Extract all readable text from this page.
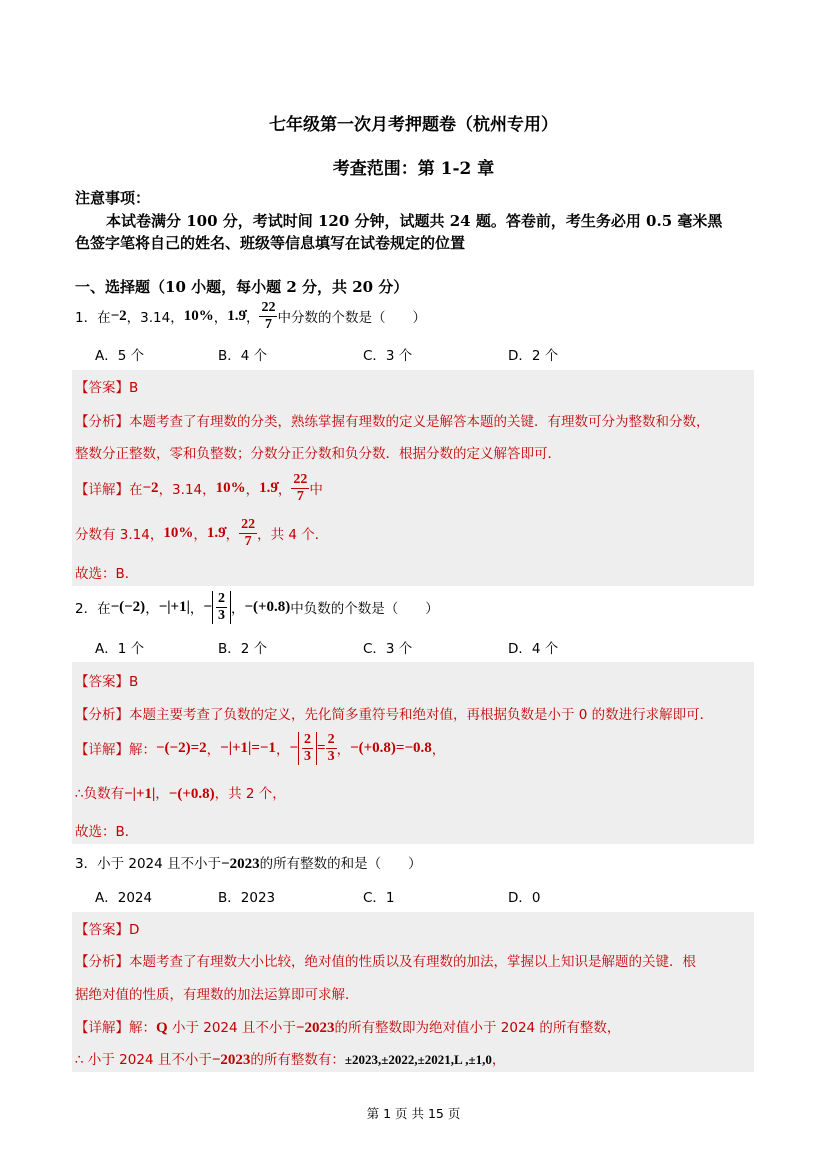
七年级第一次月考押题卷（杭州专用）
考查范围：第 1-2 章
注意事项：
本试卷满分 100 分，考试时间 120 分钟，试题共 24 题。答卷前，考生务必用 0.5 毫米黑
色签字笔将自己的姓名、班级等信息填写在试卷规定的位置
一、选择题（10 小题，每小题 2 分，共 20 分）
1．在 −2 ，3.14， 10% ， 1.9̇ ， $\frac{22}{7}$ 中分数的个数是（　　）
A．5 个	B．4 个	C．3 个	D．2 个
【答案】B
【分析】本题考查了有理数的分类，熟练掌握有理数的定义是解答本题的关键．有理数可分为整数和分数，
整数分正整数，零和负整数；分数分正分数和负分数．根据分数的定义解答即可．
【详解】在 −2 ，3.14， 10% ， 1.9̇ ， $\frac{22}{7}$ 中
分数有 3.14， 10% ， 1.9̇ ， $\frac{22}{7}$ ，共 4 个．
故选：B．
2．在 −(−2) ， −|+1| ， − $\frac{2}{3}$ ， −(+0.8) 中负数的个数是（　　）
A．1 个	B．2 个	C．3 个	D．4 个
【答案】B
【分析】本题主要考查了负数的定义，先化简多重符号和绝对值，再根据负数是小于 0 的数进行求解即可．
【详解】解： −(−2)=2 ， −|+1|=−1 ， − $\frac{2}{3} = \frac{2}{3}$ ， −(+0.8)=−0.8 ，
∴负数有−|+1|，−(+0.8)，共 2 个，
故选：B．
3．小于 2024 且不小于−2023的所有整数的和是（　　）
A．2024	B．2023	C．1	D．0
【答案】D
【分析】本题考查了有理数大小比较，绝对值的性质以及有理数的加法，掌握以上知识是解题的关键．根
据绝对值的性质，有理数的加法运算即可求解．
【详解】解：Q 小于 2024 且不小于−2023的所有整数即为绝对值小于 2024 的所有整数，
∴ 小于 2024 且不小于−2023的所有整数有：±2023,±2022,±2021,L ,±1,0，
第 1 页 共 15 页
